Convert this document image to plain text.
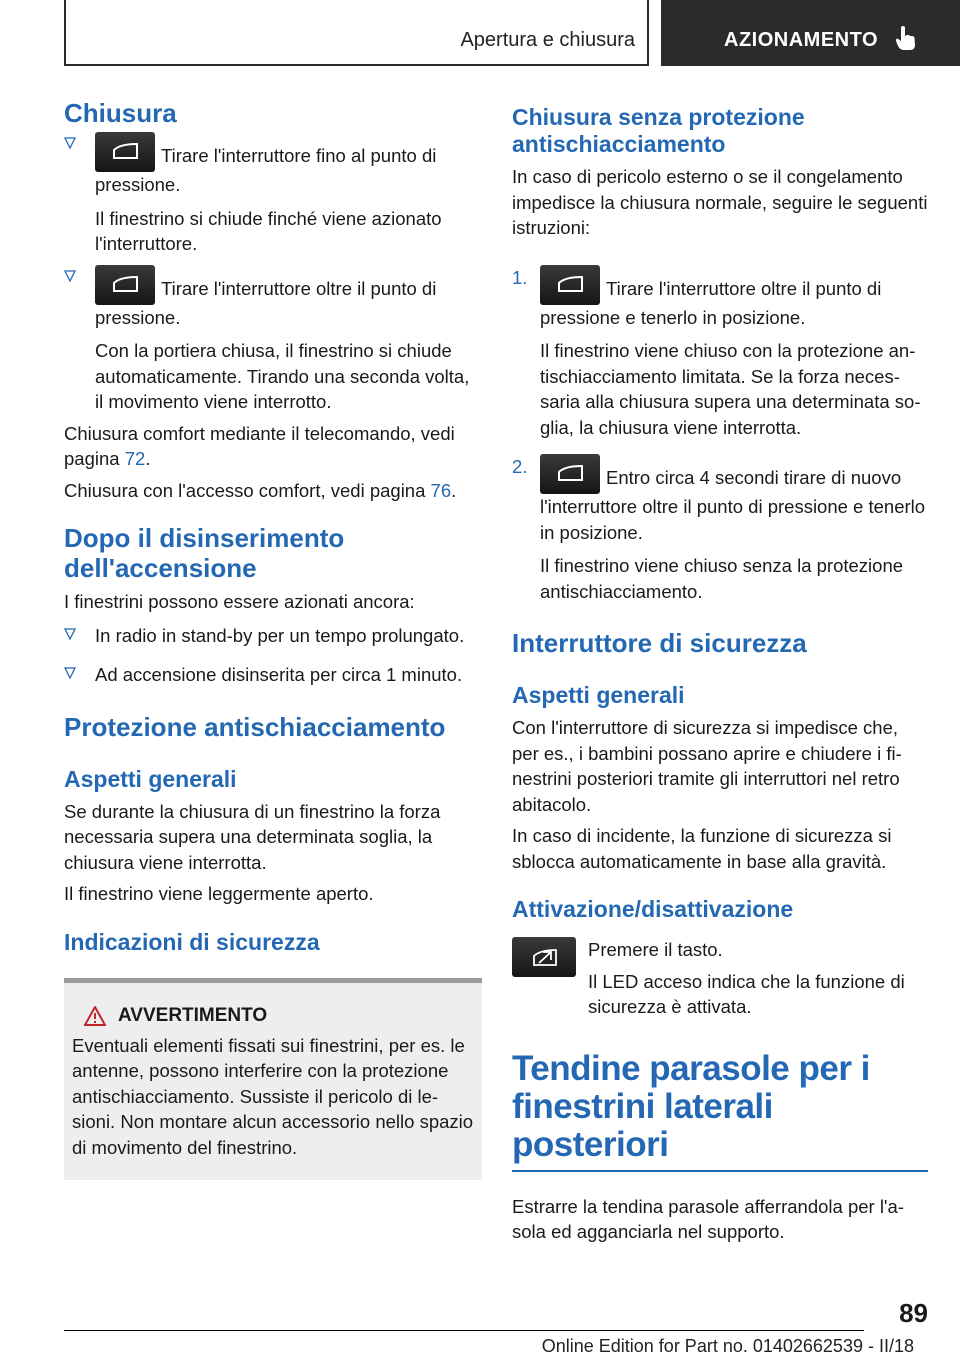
Apertura e chiusura	AZIONAMENTO
Chiusura
Tirare l'interruttore fino al punto di pressione.
Il finestrino si chiude finché viene azionato l'interruttore.
Tirare l'interruttore oltre il punto di pressione.
Con la portiera chiusa, il finestrino si chiude automaticamente. Tirando una seconda volta, il movimento viene interrotto.

Chiusura comfort mediante il telecomando, vedi pagina 72.

Chiusura con l'accesso comfort, vedi pagina 76.

Dopo il disinserimento dell'accensione

I finestrini possono essere azionati ancora:

In radio in stand-by per un tempo prolungato.
Ad accensione disinserita per circa 1 minuto.
Protezione antischiacciamento
Aspetti generali

Se durante la chiusura di un finestrino la forza necessaria supera una determinata soglia, la chiusura viene interrotta.

Il finestrino viene leggermente aperto.

Indicazioni di sicurezza
AVVERTIMENTO

Eventuali elementi fissati sui finestrini, per es. le antenne, possono interferire con la protezione antischiacciamento. Sussiste il pericolo di lesioni. Non montare alcun accessorio nello spazio di movimento del finestrino.

Chiusura senza protezione antischiacciamento

In caso di pericolo esterno o se il congelamento impedisce la chiusura normale, seguire le seguenti istruzioni:

1.
Tirare l'interruttore oltre il punto di pressione e tenerlo in posizione.
Il finestrino viene chiuso con la protezione antischiacciamento limitata. Se la forza necessaria alla chiusura supera una determinata soglia, la chiusura viene interrotta.
2.
Entro circa 4 secondi tirare di nuovo l'interruttore oltre il punto di pressione e tenerlo in posizione.
Il finestrino viene chiuso senza la protezione antischiacciamento.
Interruttore di sicurezza
Aspetti generali

Con l'interruttore di sicurezza si impedisce che, per es., i bambini possano aprire e chiudere i finestrini posteriori tramite gli interruttori nel retro abitacolo.

In caso di incidente, la funzione di sicurezza si sblocca automaticamente in base alla gravità.

Attivazione/disattivazione

Premere il tasto.

Il LED acceso indica che la funzione di sicurezza è attivata.

Tendine parasole per i finestrini laterali posteriori

Estrarre la tendina parasole afferrandola per l'asola ed agganciarla nel supporto.

89
Online Edition for Part no. 01402662539 - II/18
